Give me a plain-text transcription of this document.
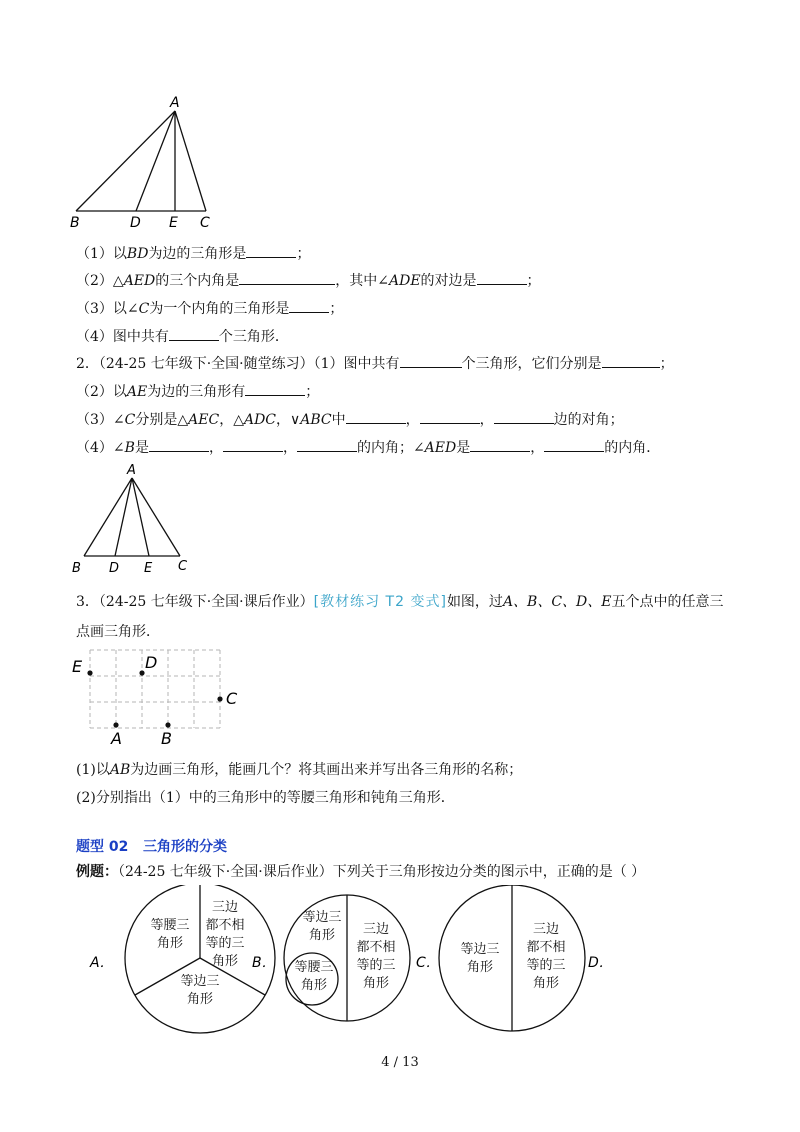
A
B	D E C
（1）以BD为边的三角形是	；
（2）△AED的三个内角是	，其中∠ADE的对边是	；
（3）以∠C为一个内角的三角形是	；
（4）图中共有	个三角形．
2．（24-25 七年级下·全国·随堂练习）（1）图中共有	个三角形，它们分别是	；
（2）以AE为边的三角形有	；
（3）∠C分别是△AEC，△ADC，∨ABC中	，	，	边的对角；
（4）∠B是	，	，	的内角；∠AED是	，	的内角．
A
B D E C
3．（24-25 七年级下·全国·课后作业）[教材练习 T2 变式]如图，过A、B、C、D、E五个点中的任意三
点画三角形．
E	D
C
A B
(1)以AB为边画三角形，能画几个？将其画出来并写出各三角形的名称；
(2)分别指出（1）中的三角形中的等腰三角形和钝角三角形．
题型 02 三角形的分类
例题：（24-25 七年级下·全国·课后作业）下列关于三角形按边分类的图示中，正确的是（ ）
A．
等腰三
角形
三边
都不相
等的三
角形
等边三
角形
B．
等边三
角形
等腰三
角形
三边
都不相
等的三
角形
C．
等边三
角形
三边
都不相
等的三
角形
D．
4 / 13
